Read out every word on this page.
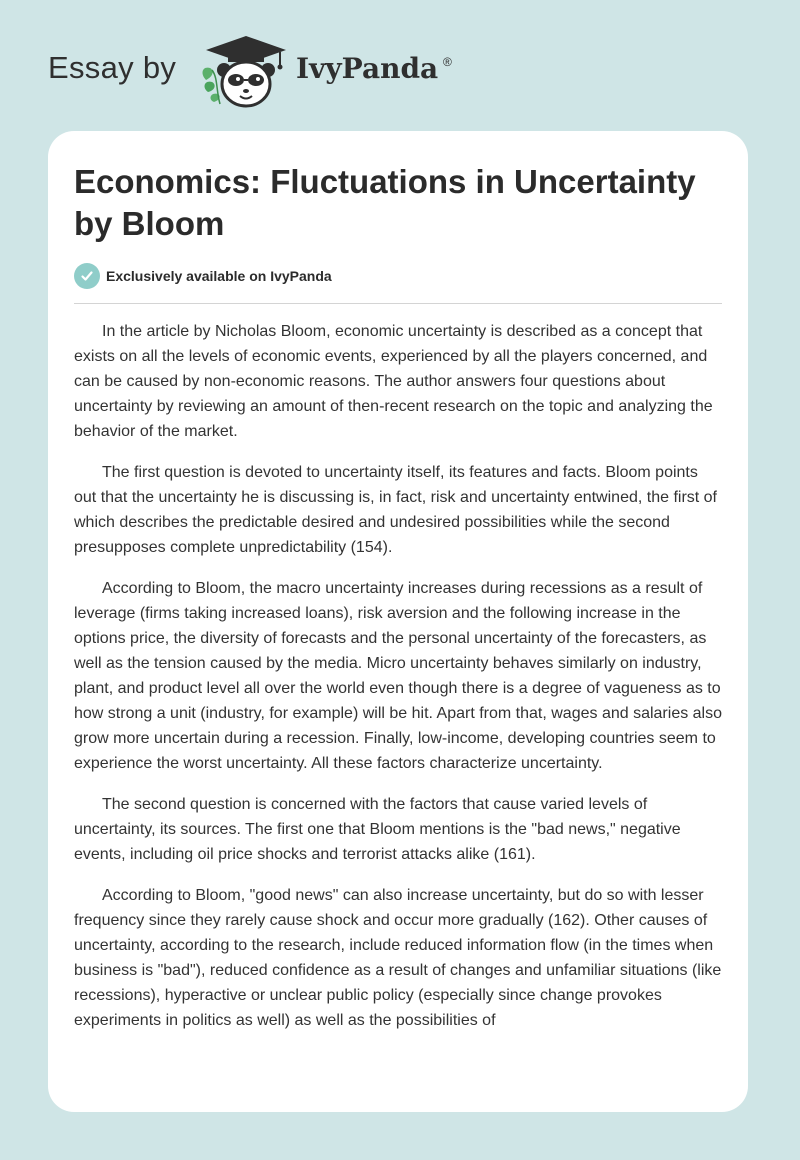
Essay by	IvyPanda ®
Economics: Fluctuations in Uncertainty by Bloom
Exclusively available on IvyPanda

In the article by Nicholas Bloom, economic uncertainty is described as a concept that exists on all the levels of economic events, experienced by all the players concerned, and can be caused by non-economic reasons. The author answers four questions about uncertainty by reviewing an amount of then-recent research on the topic and analyzing the behavior of the market.

The first question is devoted to uncertainty itself, its features and facts. Bloom points out that the uncertainty he is discussing is, in fact, risk and uncertainty entwined, the first of which describes the predictable desired and undesired possibilities while the second presupposes complete unpredictability (154).

According to Bloom, the macro uncertainty increases during recessions as a result of leverage (firms taking increased loans), risk aversion and the following increase in the options price, the diversity of forecasts and the personal uncertainty of the forecasters, as well as the tension caused by the media. Micro uncertainty behaves similarly on industry, plant, and product level all over the world even though there is a degree of vagueness as to how strong a unit (industry, for example) will be hit. Apart from that, wages and salaries also grow more uncertain during a recession. Finally, low-income, developing countries seem to experience the worst uncertainty. All these factors characterize uncertainty.

The second question is concerned with the factors that cause varied levels of uncertainty, its sources. The first one that Bloom mentions is the "bad news," negative events, including oil price shocks and terrorist attacks alike (161).

According to Bloom, "good news" can also increase uncertainty, but do so with lesser frequency since they rarely cause shock and occur more gradually (162). Other causes of uncertainty, according to the research, include reduced information flow (in the times when business is "bad"), reduced confidence as a result of changes and unfamiliar situations (like recessions), hyperactive or unclear public policy (especially since change provokes experiments in politics as well) as well as the possibilities of
